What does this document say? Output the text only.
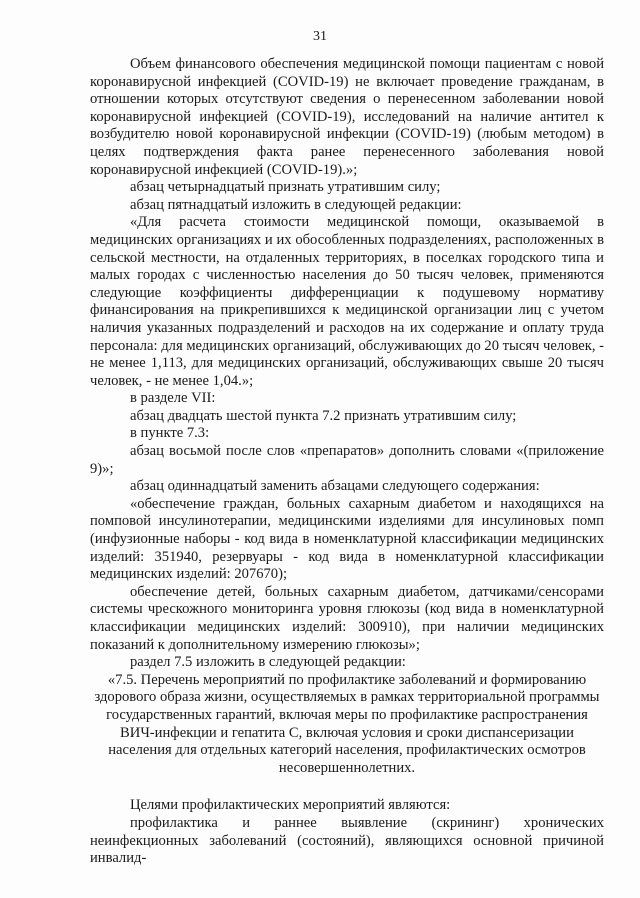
31

Объем финансового обеспечения медицинской помощи пациентам с новой коронавирусной инфекцией (COVID-19) не включает проведение гражданам, в отношении которых отсутствуют сведения о перенесенном заболевании новой коронавирусной инфекцией (COVID-19), исследований на наличие антител к возбудителю новой коронавирусной инфекции (COVID-19) (любым методом) в целях подтверждения факта ранее перенесенного заболевания новой коронавирусной инфекцией (COVID-19).»;

абзац четырнадцатый признать утратившим силу;

абзац пятнадцатый изложить в следующей редакции:

«Для расчета стоимости медицинской помощи, оказываемой в медицинских организациях и их обособленных подразделениях, расположенных в сельской местности, на отдаленных территориях, в поселках городского типа и малых городах с численностью населения до 50 тысяч человек, применяются следующие коэффициенты дифференциации к подушевому нормативу финансирования на прикрепившихся к медицинской организации лиц с учетом наличия указанных подразделений и расходов на их содержание и оплату труда персонала: для медицинских организаций, обслуживающих до 20 тысяч человек, - не менее 1,113, для медицинских организаций, обслуживающих свыше 20 тысяч человек, - не менее 1,04.»;

в разделе VII:

абзац двадцать шестой пункта 7.2 признать утратившим силу;

в пункте 7.3:

абзац восьмой после слов «препаратов» дополнить словами «(приложение 9)»;

абзац одиннадцатый заменить абзацами следующего содержания:

«обеспечение граждан, больных сахарным диабетом и находящихся на помповой инсулинотерапии, медицинскими изделиями для инсулиновых помп (инфузионные наборы - код вида в номенклатурной классификации медицинских изделий: 351940, резервуары - код вида в номенклатурной классификации медицинских изделий: 207670);

обеспечение детей, больных сахарным диабетом, датчиками/сенсорами системы чрескожного мониторинга уровня глюкозы (код вида в номенклатурной классификации медицинских изделий: 300910), при наличии медицинских показаний к дополнительному измерению глюкозы»;

раздел 7.5 изложить в следующей редакции:

«7.5. Перечень мероприятий по профилактике заболеваний и формированию здорового образа жизни, осуществляемых в рамках территориальной программы государственных гарантий, включая меры по профилактике распространения ВИЧ-инфекции и гепатита С, включая условия и сроки диспансеризации населения для отдельных категорий населения, профилактических осмотров несовершеннолетних.

Целями профилактических мероприятий являются:

профилактика и раннее выявление (скрининг) хронических неинфекционных заболеваний (состояний), являющихся основной причиной инвалид-
